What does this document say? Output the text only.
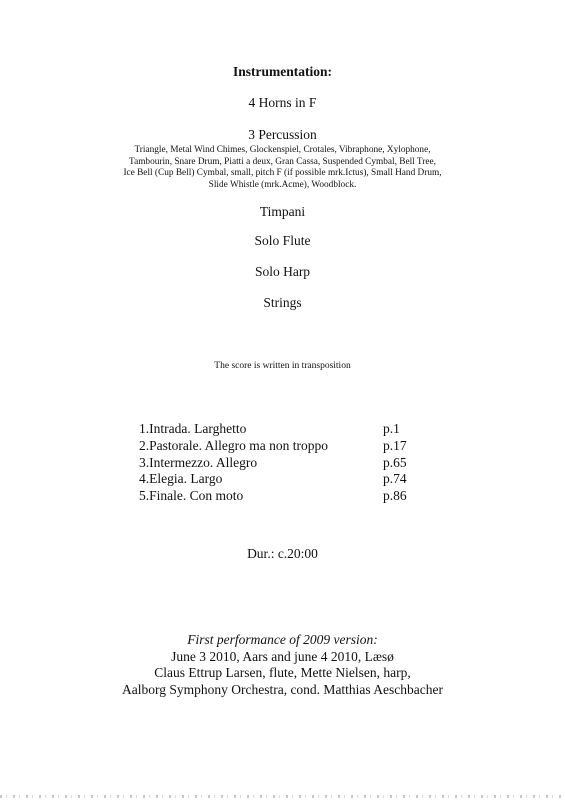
Instrumentation:
4 Horns in F
3 Percussion
Triangle, Metal Wind Chimes, Glockenspiel, Crotales, Vibraphone, Xylophone,
Tambourin, Snare Drum, Piatti a deux, Gran Cassa, Suspended Cymbal, Bell Tree,
Ice Bell (Cup Bell) Cymbal, small, pitch F (if possible mrk.Ictus), Small Hand Drum,
Slide Whistle (mrk.Acme), Woodblock.
Timpani
Solo Flute
Solo Harp
Strings
The score is written in transposition
1.Intrada. Larghetto	p.1
2.Pastorale. Allegro ma non troppo	p.17
3.Intermezzo. Allegro	p.65
4.Elegia. Largo	p.74
5.Finale. Con moto	p.86
Dur.: c.20:00
First performance of 2009 version:
June 3 2010, Aars and june 4 2010, Læsø
Claus Ettrup Larsen, flute, Mette Nielsen, harp,
Aalborg Symphony Orchestra, cond. Matthias Aeschbacher
